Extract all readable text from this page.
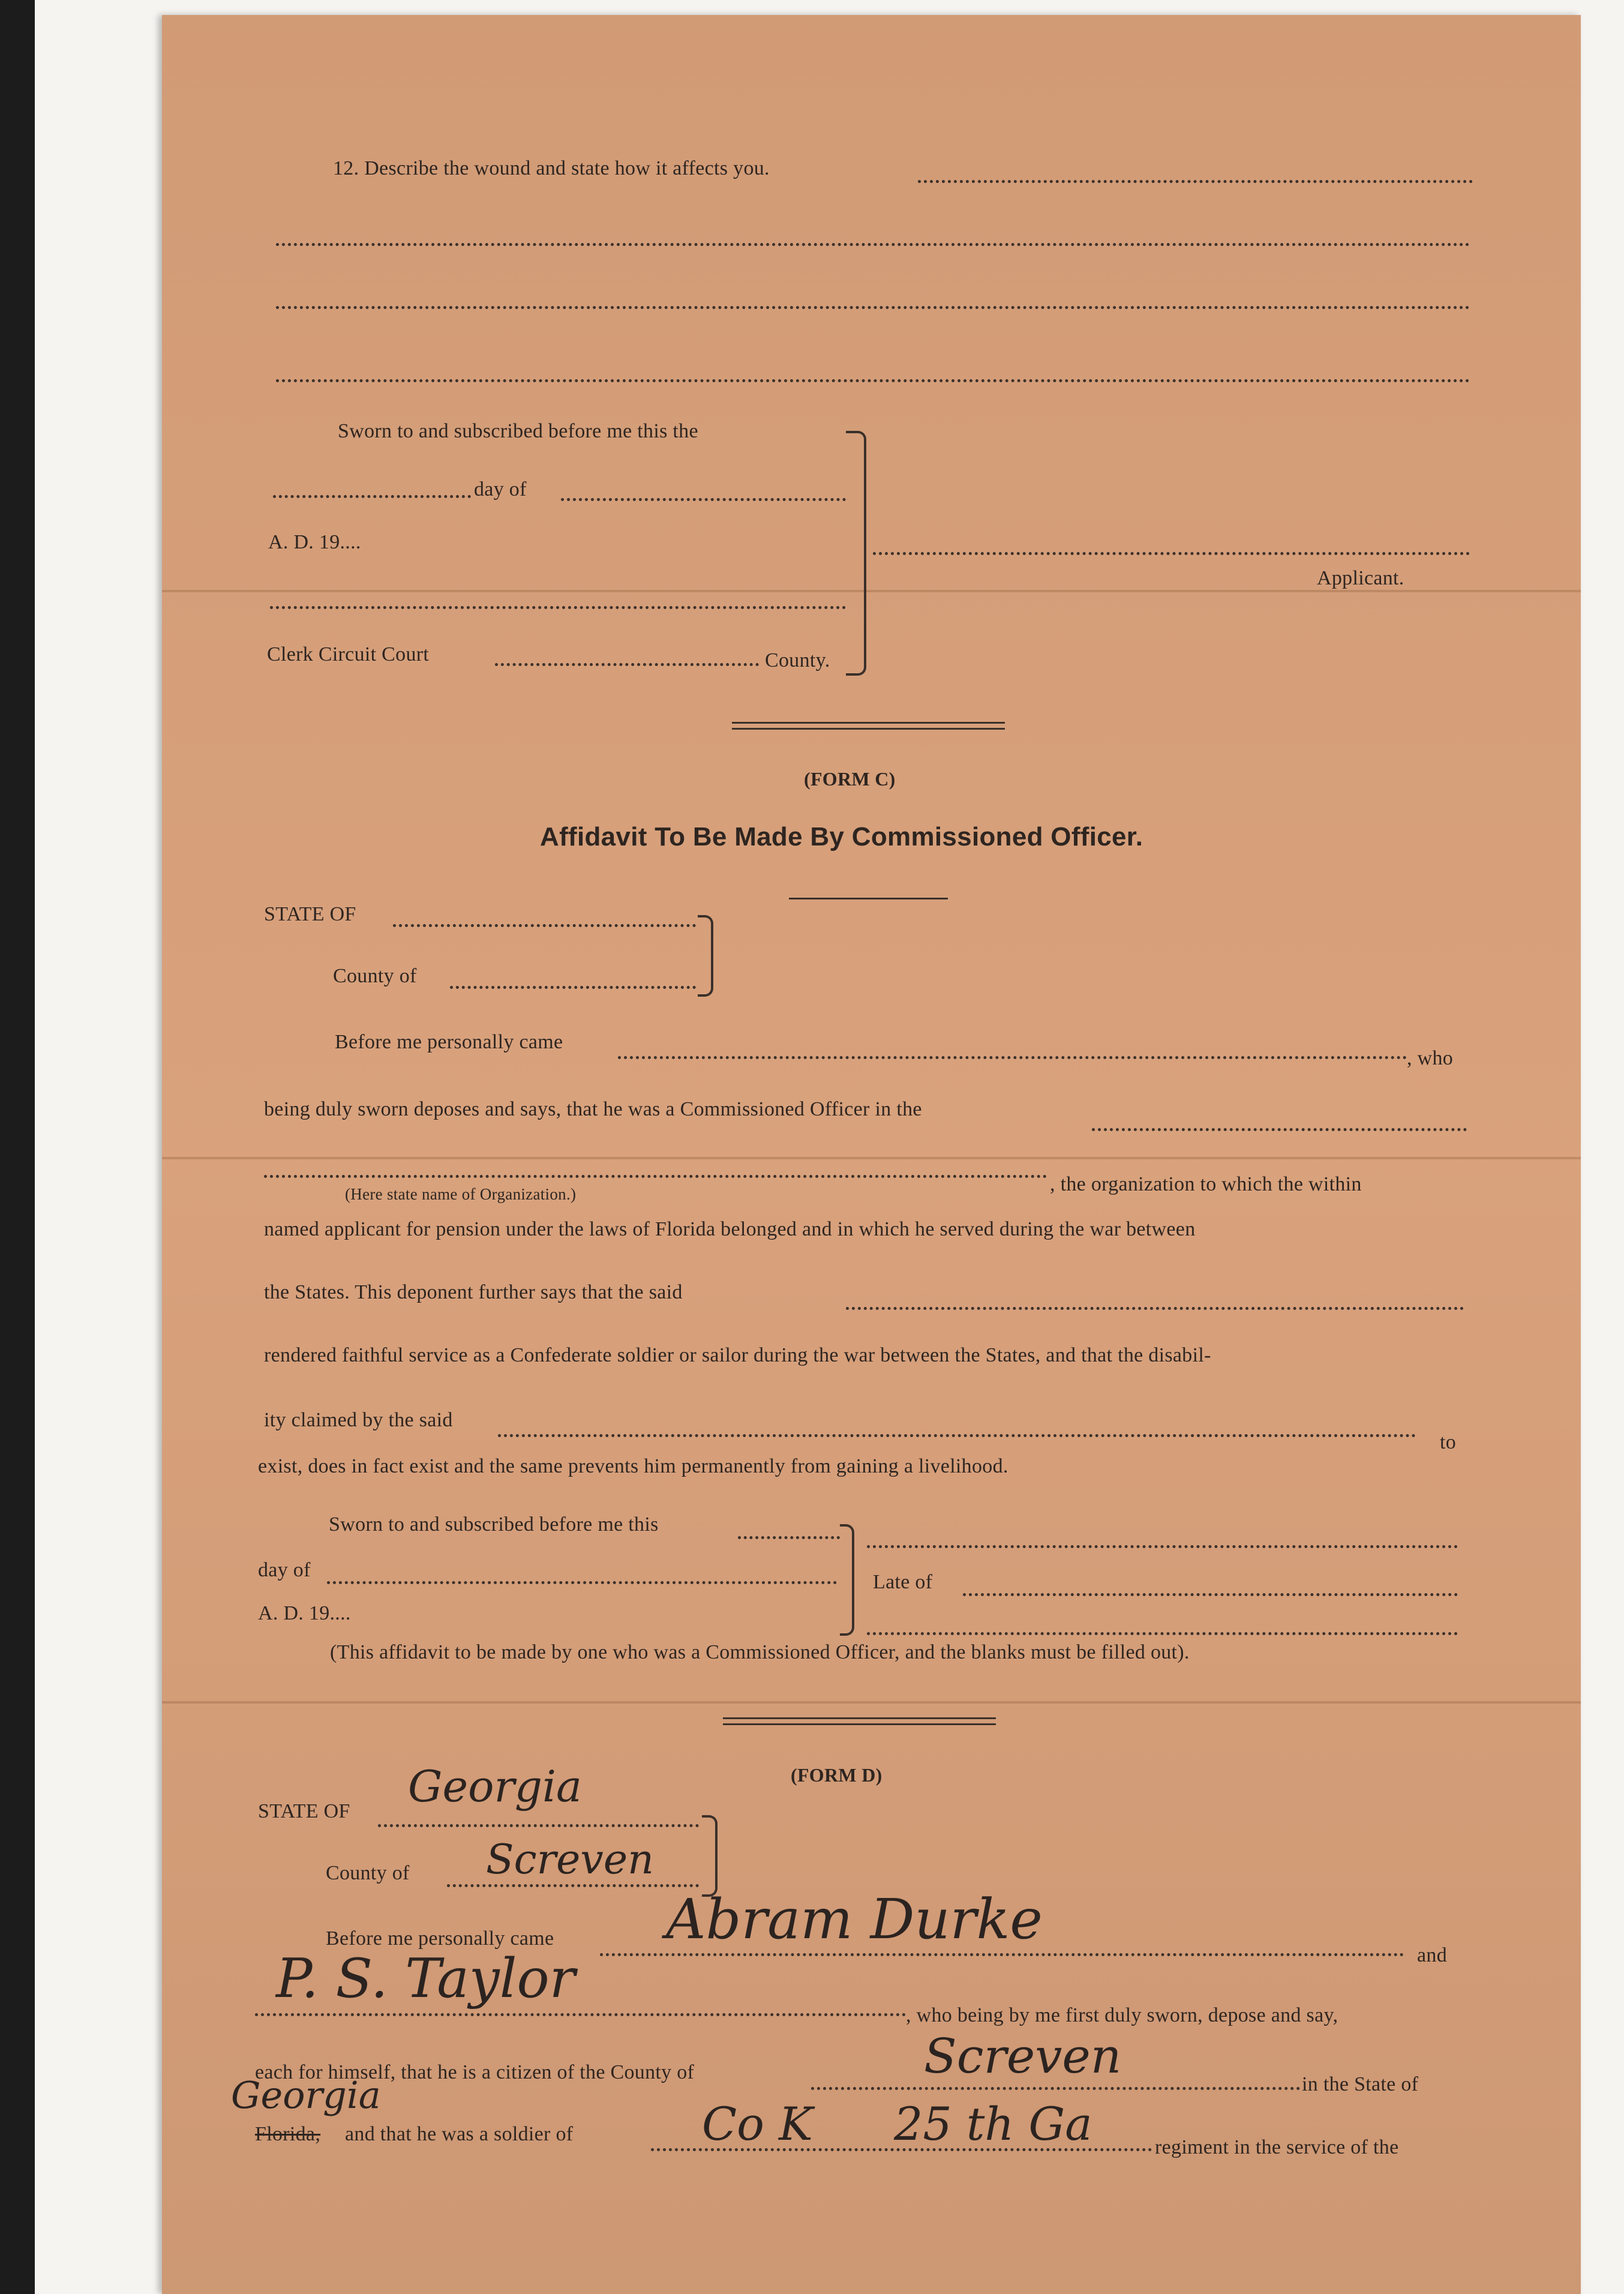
12. Describe the wound and state how it affects you.
Sworn to and subscribed before me this the
day of
A. D. 19....
Clerk Circuit Court	County.
Applicant.
(FORM C)
Affidavit To Be Made By Commissioned Officer.
STATE OF
County of
Before me personally came
, who
being duly sworn deposes and says, that he was a Commissioned Officer in the
(Here state name of Organization.)	, the organization to which the within
named applicant for pension under the laws of Florida belonged and in which he served during the war between
the States. This deponent further says that the said
rendered faithful service as a Confederate soldier or sailor during the war between the States, and that the disabil-
ity claimed by the said
to
exist, does in fact exist and the same prevents him permanently from gaining a livelihood.
Sworn to and subscribed before me this
day of
A. D. 19....
Late of
(This affidavit to be made by one who was a Commissioned Officer, and the blanks must be filled out).
(FORM D)
STATE OF Georgia
County of Screven
Before me personally came Abram Durke
and
P. S. Taylor
, who being by me first duly sworn, depose and say,
each for himself, that he is a citizen of the County of	Screven
in the State of
Georgia
Florida, and that he was a soldier of	Co K 25 th Ga	regiment in the service of the
